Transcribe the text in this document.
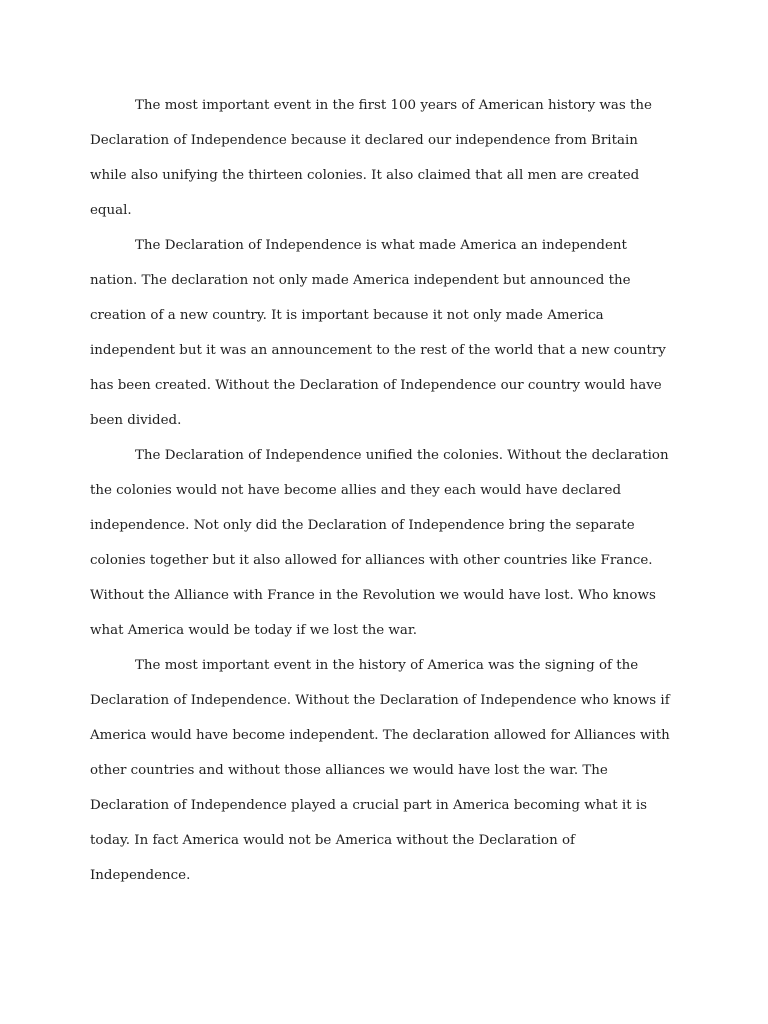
The most important event in the first 100 years of American history was the Declaration of Independence because it declared our independence from Britain while also unifying the thirteen colonies. It also claimed that all men are created equal.

The Declaration of Independence is what made America an independent nation. The declaration not only made America independent but announced the creation of a new country. It is important because it not only made America independent but it was an announcement to the rest of the world that a new country has been created. Without the Declaration of Independence our country would have been divided.

The Declaration of Independence unified the colonies. Without the declaration the colonies would not have become allies and they each would have declared independence. Not only did the Declaration of Independence bring the separate colonies together but it also allowed for alliances with other countries like France. Without the Alliance with France in the Revolution we would have lost. Who knows what America would be today if we lost the war.

The most important event in the history of America was the signing of the Declaration of Independence. Without the Declaration of Independence who knows if America would have become independent. The declaration allowed for Alliances with other countries and without those alliances we would have lost the war. The Declaration of Independence played a crucial part in America becoming what it is today. In fact America would not be America without the Declaration of Independence.
